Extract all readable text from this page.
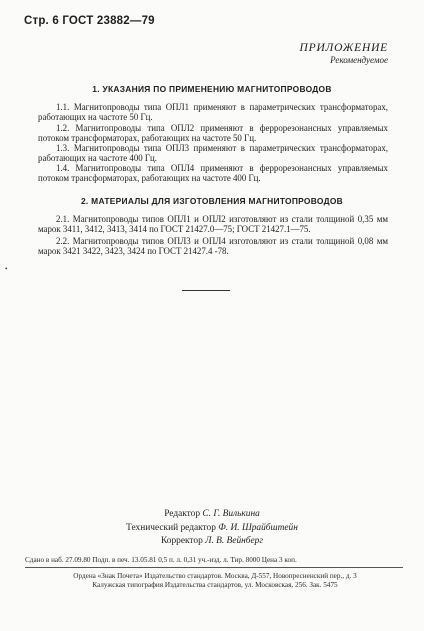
Стр. 6 ГОСТ 23882—79
ПРИЛОЖЕНИЕ
Рекомендуемое
1. УКАЗАНИЯ ПО ПРИМЕНЕНИЮ МАГНИТОПРОВОДОВ
1.1. Магнитопроводы типа ОПЛ1 применяют в параметрических трансформаторах, работающих на частоте 50 Гц.
1.2. Магнитопроводы типа ОПЛ2 применяют в феррорезонансных управляемых потоком трансформаторах, работающих на частоте 50 Гц.
1.3. Магнитопроводы типа ОПЛ3 применяют в параметрических трансформаторах, работающих на частоте 400 Гц.
1.4. Магнитопроводы типа ОПЛ4 применяют в феррорезонансных управляемых потоком трансформаторах, работающих на частоте 400 Гц.
2. МАТЕРИАЛЫ ДЛЯ ИЗГОТОВЛЕНИЯ МАГНИТОПРОВОДОВ
2.1. Магнитопроводы типов ОПЛ1 и ОПЛ2 изготовляют из стали толщиной 0,35 мм марок 3411, 3412, 3413, 3414 по ГОСТ 21427.0—75; ГОСТ 21427.1—75.
2.2. Магнитопроводы типов ОПЛ3 и ОПЛ4 изготовляют из стали толщиной 0,08 мм марок 3421 3422, 3423, 3424 по ГОСТ 21427.4 -78.
•
Редактор С. Г. Вилькина
Технический редактор Ф. И. Шрайбштейн
Корректор Л. В. Вейнберг
Сдано в наб. 27.09.80 Подп. в печ. 13.05.81 0,5 п. л. 0,31 уч.-изд. л. Тир. 8000 Цена 3 коп.
Ордена «Знак Почета» Издательство стандартов. Москва, Д-557, Новопресненский пер., д. 3
Калужская типография Издательства стандартов, ул. Московская, 256. Зак. 5475
